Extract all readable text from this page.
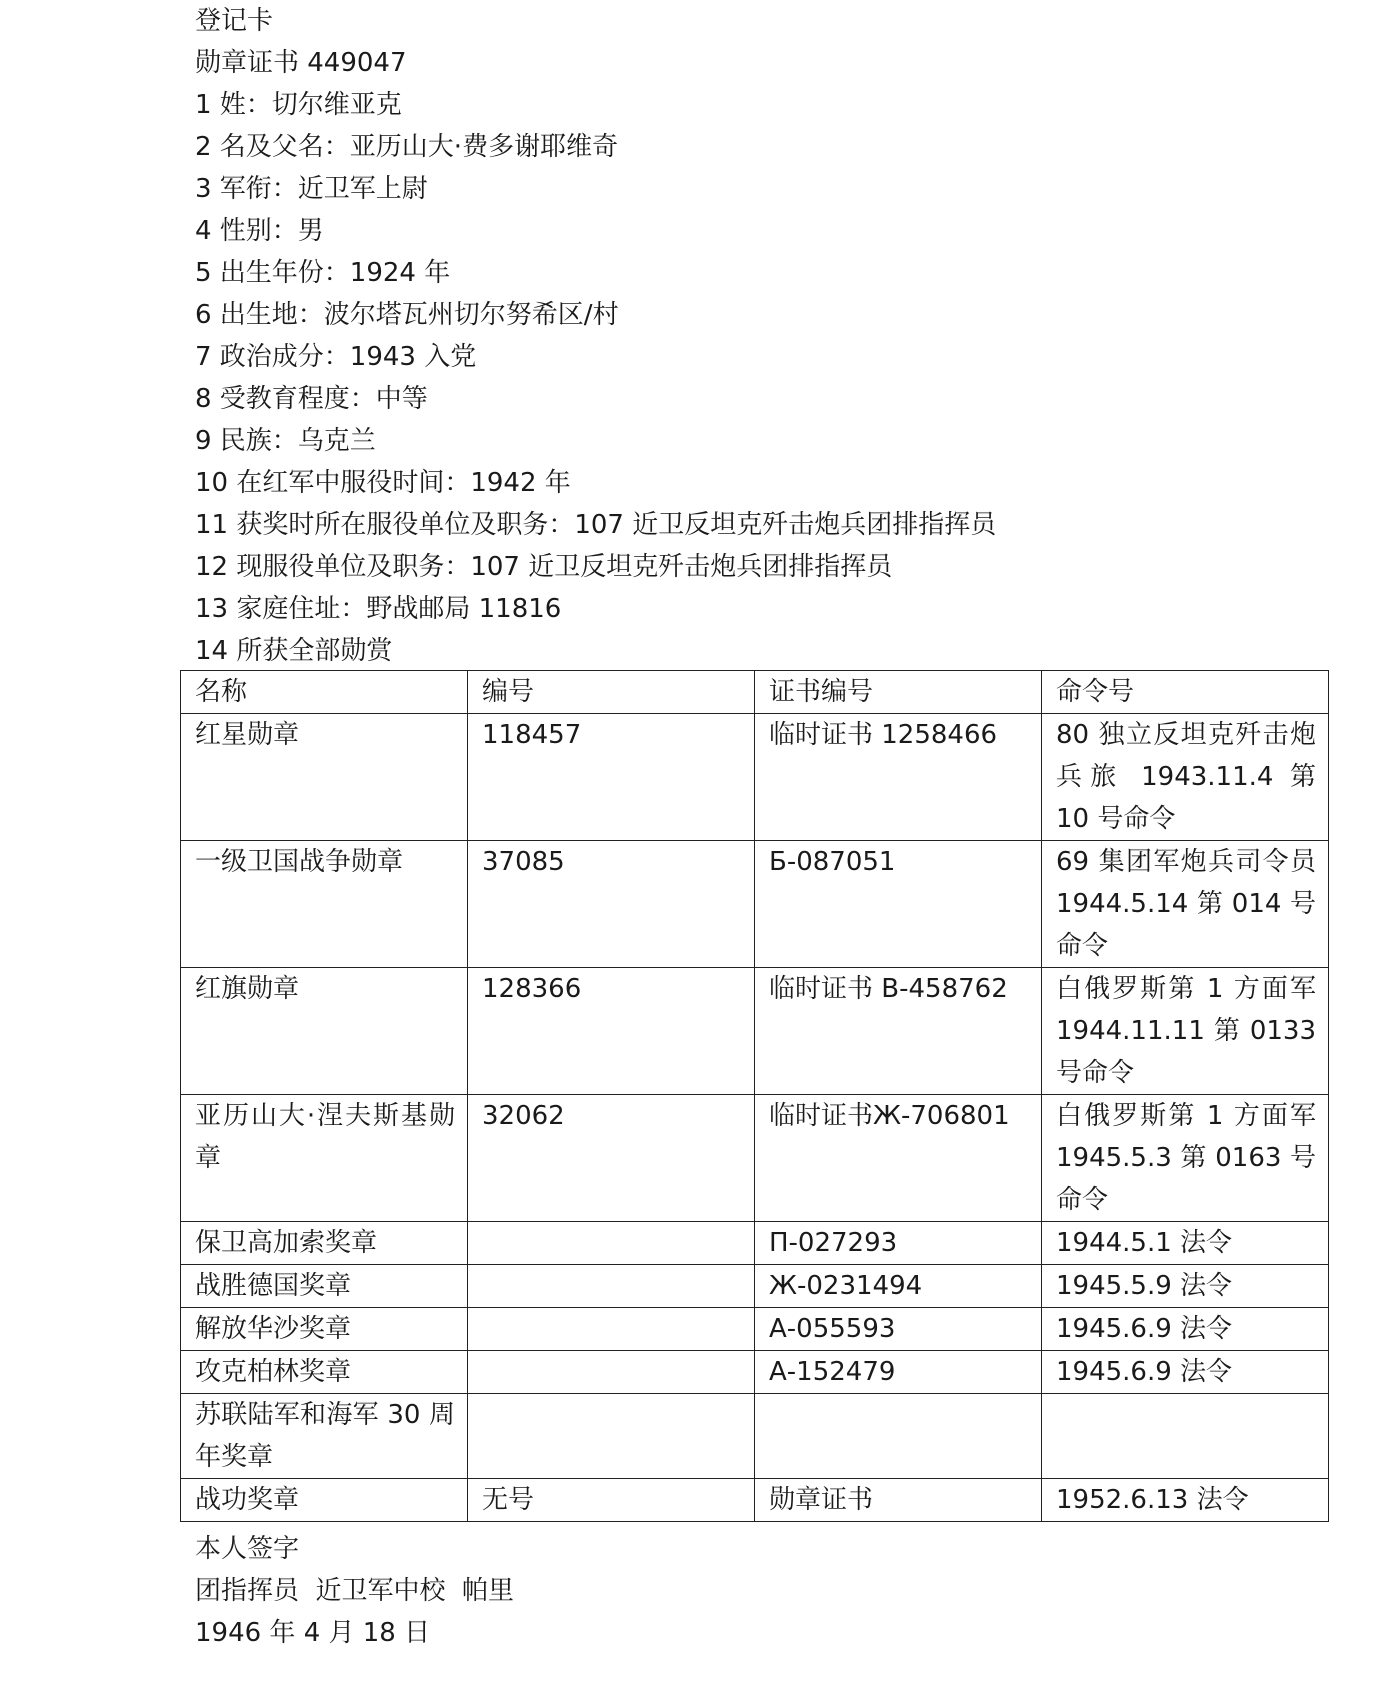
登记卡
勋章证书 449047
1 姓：切尔维亚克
2 名及父名：亚历山大·费多谢耶维奇
3 军衔：近卫军上尉
4 性别：男
5 出生年份：1924 年
6 出生地：波尔塔瓦州切尔努希区/村
7 政治成分：1943 入党
8 受教育程度：中等
9 民族：乌克兰
10 在红军中服役时间：1942 年
11 获奖时所在服役单位及职务：107 近卫反坦克歼击炮兵团排指挥员
12 现服役单位及职务：107 近卫反坦克歼击炮兵团排指挥员
13 家庭住址：野战邮局 11816
14 所获全部勋赏
名称	编号	证书编号	命令号
红星勋章	118457	临时证书 1258466	80 独立反坦克歼击炮兵旅 1943.11.4 第 10 号命令
一级卫国战争勋章	37085	Б-087051	69 集团军炮兵司令员 1944.5.14 第 014 号命令
红旗勋章	128366	临时证书 В-458762	白俄罗斯第 1 方面军 1944.11.11 第 0133 号命令
亚历山大·涅夫斯基勋章	32062	临时证书Ж-706801	白俄罗斯第 1 方面军 1945.5.3 第 0163 号命令
保卫高加索奖章		П-027293	1944.5.1 法令
战胜德国奖章		Ж-0231494	1945.5.9 法令
解放华沙奖章		А-055593	1945.6.9 法令
攻克柏林奖章		А-152479	1945.6.9 法令
苏联陆军和海军 30 周年奖章			
战功奖章	无号	勋章证书	1952.6.13 法令
本人签字
团指挥员  近卫军中校  帕里
1946 年 4 月 18 日
